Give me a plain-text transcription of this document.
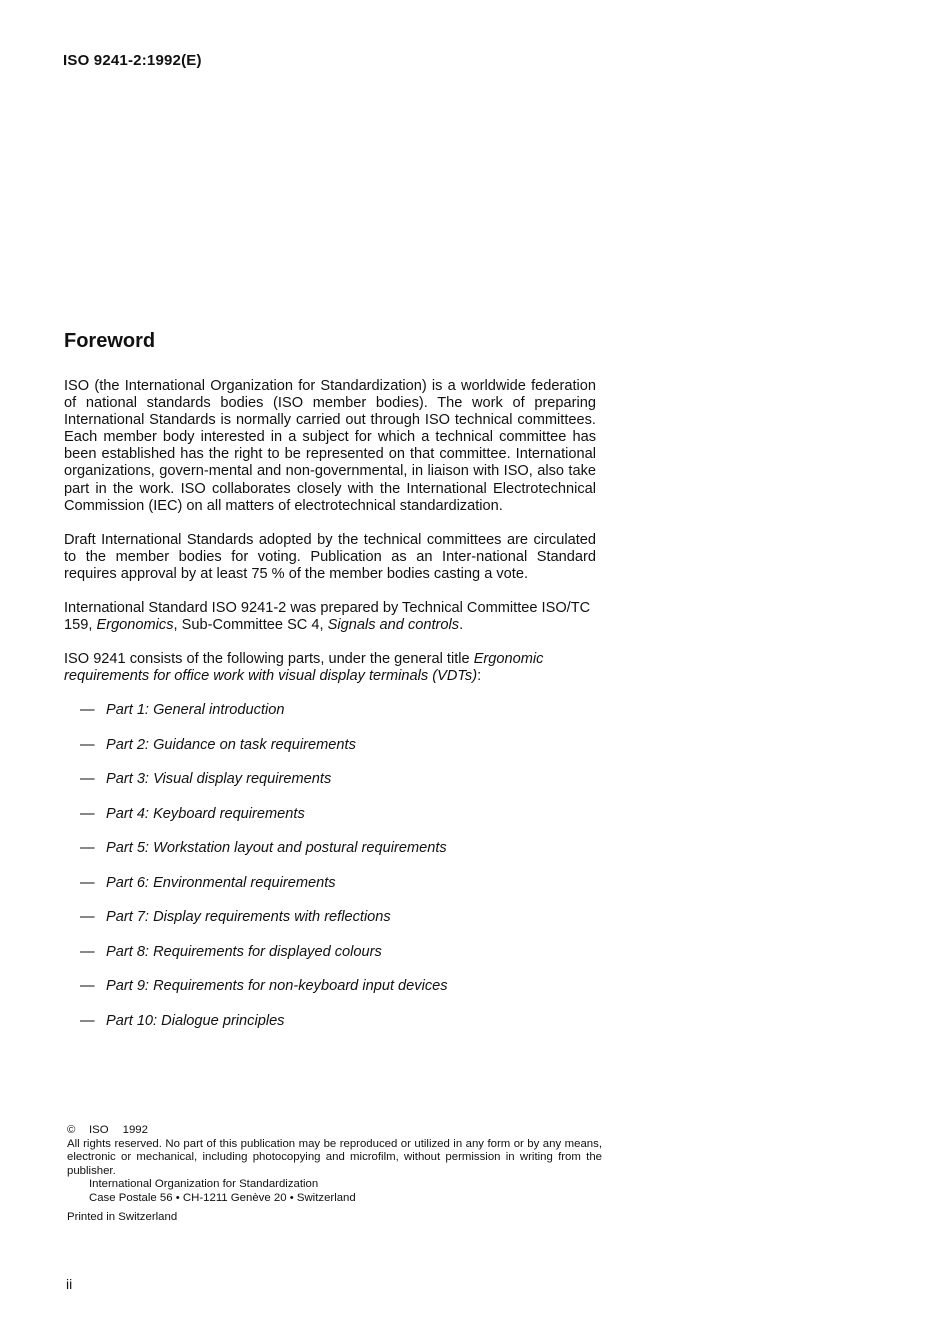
ISO 9241-2:1992(E)
Foreword

ISO (the International Organization for Standardization) is a worldwide federation of national standards bodies (ISO member bodies). The work of preparing International Standards is normally carried out through ISO technical committees. Each member body interested in a subject for which a technical committee has been established has the right to be represented on that committee. International organizations, govern-mental and non-governmental, in liaison with ISO, also take part in the work. ISO collaborates closely with the International Electrotechnical Commission (IEC) on all matters of electrotechnical standardization.

Draft International Standards adopted by the technical committees are circulated to the member bodies for voting. Publication as an Inter-national Standard requires approval by at least 75 % of the member bodies casting a vote.

International Standard ISO 9241-2 was prepared by Technical Committee ISO/TC 159, Ergonomics, Sub-Committee SC 4, Signals and controls.

ISO 9241 consists of the following parts, under the general title Ergonomic requirements for office work with visual display terminals (VDTs):

— Part 1: General introduction
— Part 2: Guidance on task requirements
— Part 3: Visual display requirements
— Part 4: Keyboard requirements
— Part 5: Workstation layout and postural requirements
— Part 6: Environmental requirements
— Part 7: Display requirements with reflections
— Part 8: Requirements for displayed colours
— Part 9: Requirements for non-keyboard input devices
— Part 10: Dialogue principles

© ISO 1992

All rights reserved. No part of this publication may be reproduced or utilized in any form or by any means, electronic or mechanical, including photocopying and microfilm, without permission in writing from the publisher.

International Organization for Standardization

Case Postale 56 • CH-1211 Genève 20 • Switzerland

Printed in Switzerland

ii
